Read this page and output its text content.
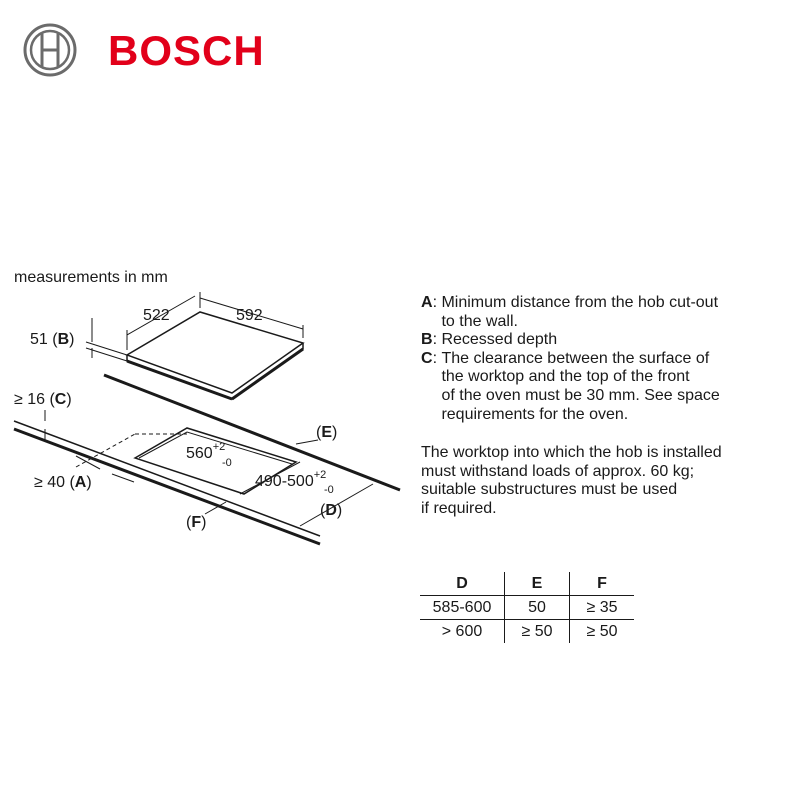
BOSCH
measurements in mm
522	592
51 (B)
$560^{+2}$
-0
$490-500^{+2}$
-0
≥ 16 (C)
≥ 40 (A)
(E)
(D)
(F)
A : Minimum distance from the hob cut-out
to the wall.
B : Recessed depth
C : The clearance between the surface of
the worktop and the top of the front
of the oven must be 30 mm. See space
requirements for the oven.
The worktop into which the hob is installed
must withstand loads of approx. 60 kg;
suitable substructures must be used
if required.
D	E	F
585-600	50	≥ 35
> 600	≥ 50	≥ 50
